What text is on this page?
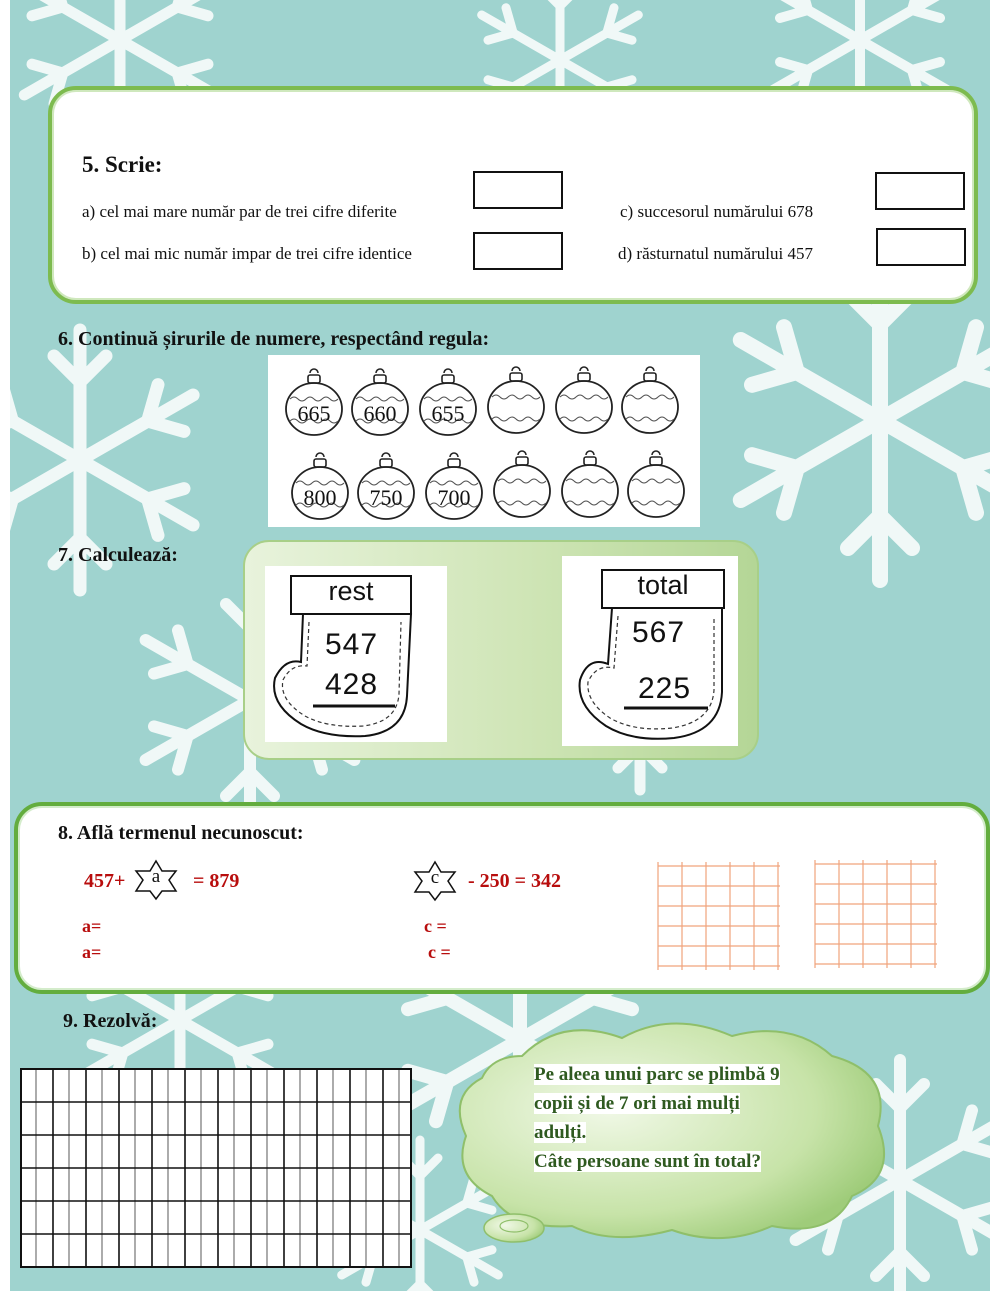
5. Scrie:
a) cel mai mare număr par de trei cifre diferite
b) cel mai mic număr impar de trei cifre identice
c) succesorul numărului 678
d) răsturnatul numărului 457
6. Continuă șirurile de numere, respectând regula:
665	660	655
800	750	700
7. Calculează:
rest
547
428
total
567
225
8. Află termenul necunoscut:
457+	a	= 879	c	- 250 = 342
a=
a=
c =
c =
9. Rezolvă:
Pe aleea unui parc se plimbă 9
copii și de 7 ori mai mulți
adulți.
Câte persoane sunt în total?
